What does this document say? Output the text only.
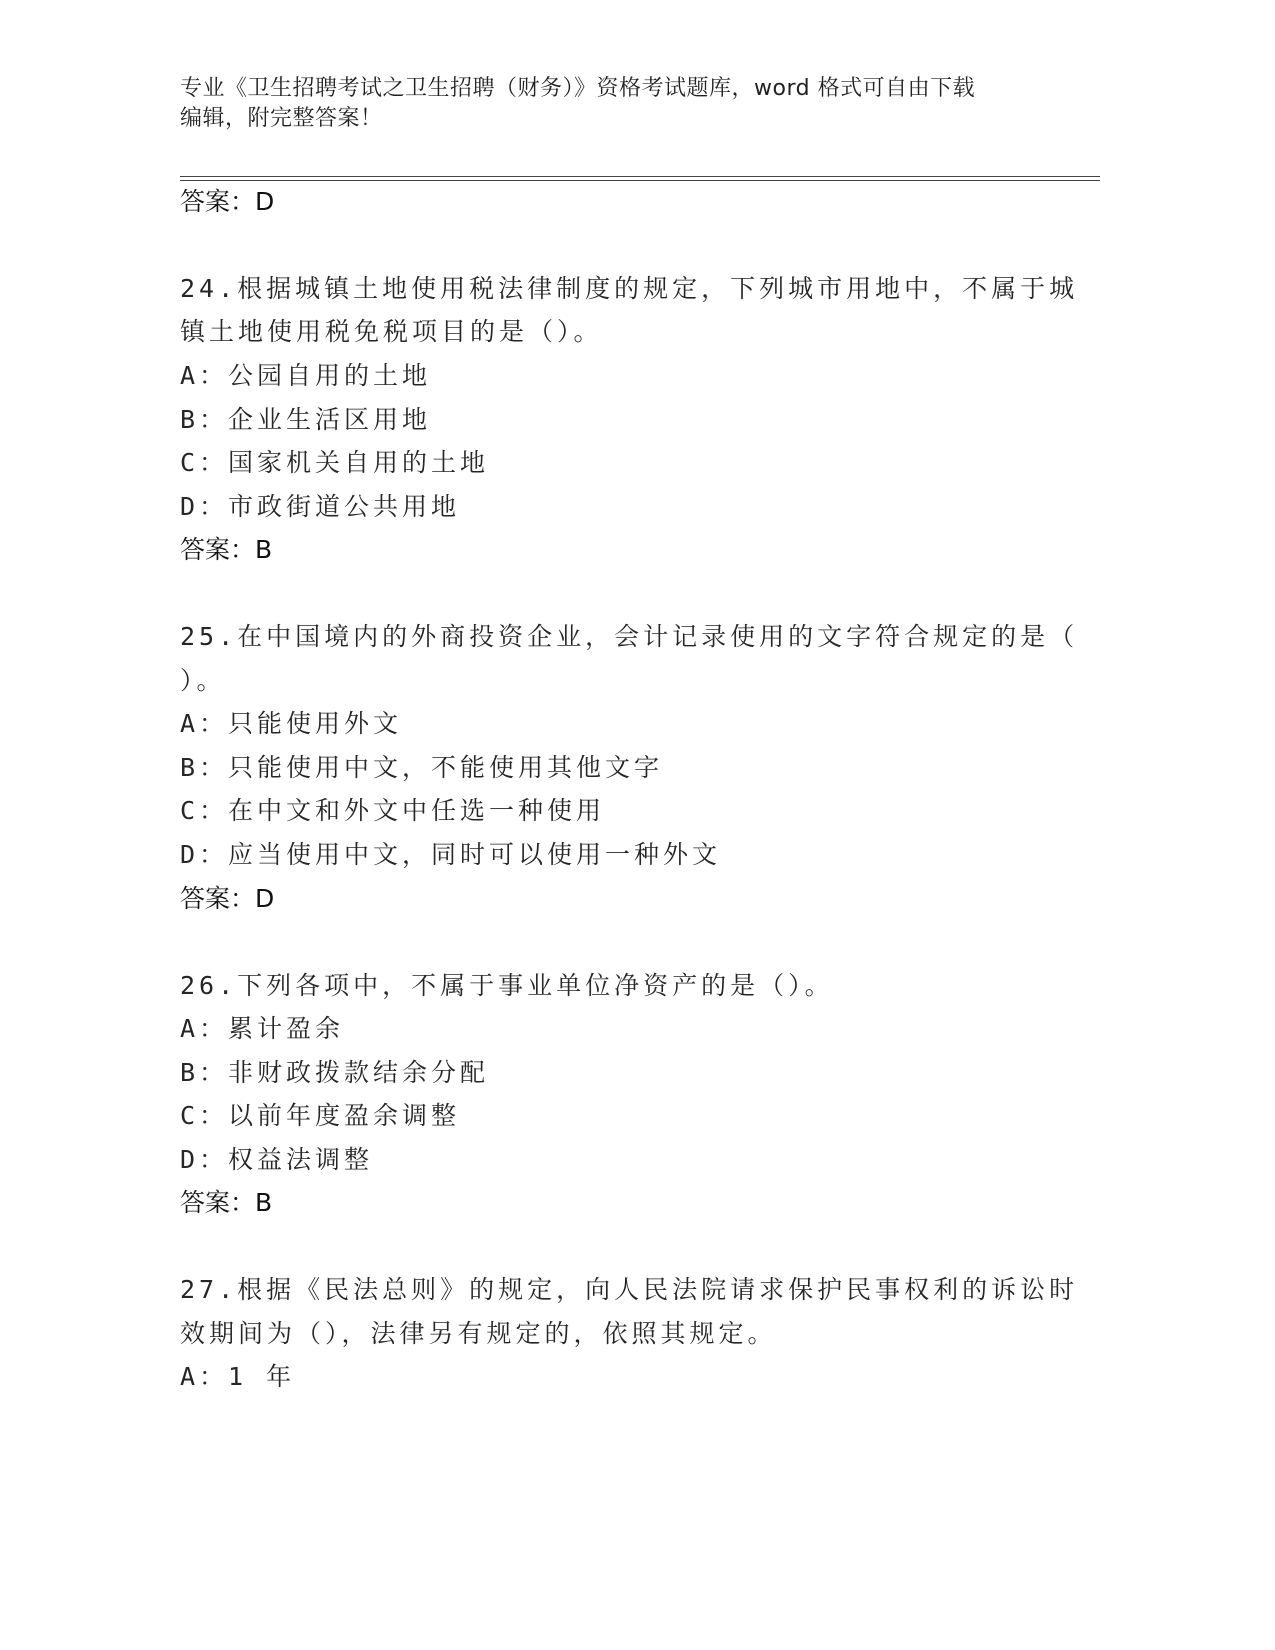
专业《卫生招聘考试之卫生招聘（财务）》资格考试题库，word 格式可自由下载
编辑，附完整答案！
答案：D
24.根据城镇土地使用税法律制度的规定，下列城市用地中，不属于城
镇土地使用税免税项目的是（）。
A：公园自用的土地
B：企业生活区用地
C：国家机关自用的土地
D：市政街道公共用地
答案：B
25.在中国境内的外商投资企业，会计记录使用的文字符合规定的是（
）。
A：只能使用外文
B：只能使用中文，不能使用其他文字
C：在中文和外文中任选一种使用
D：应当使用中文，同时可以使用一种外文
答案：D
26.下列各项中，不属于事业单位净资产的是（）。
A：累计盈余
B：非财政拨款结余分配
C：以前年度盈余调整
D：权益法调整
答案：B
27.根据《民法总则》的规定，向人民法院请求保护民事权利的诉讼时
效期间为（），法律另有规定的，依照其规定。
A：1 年
